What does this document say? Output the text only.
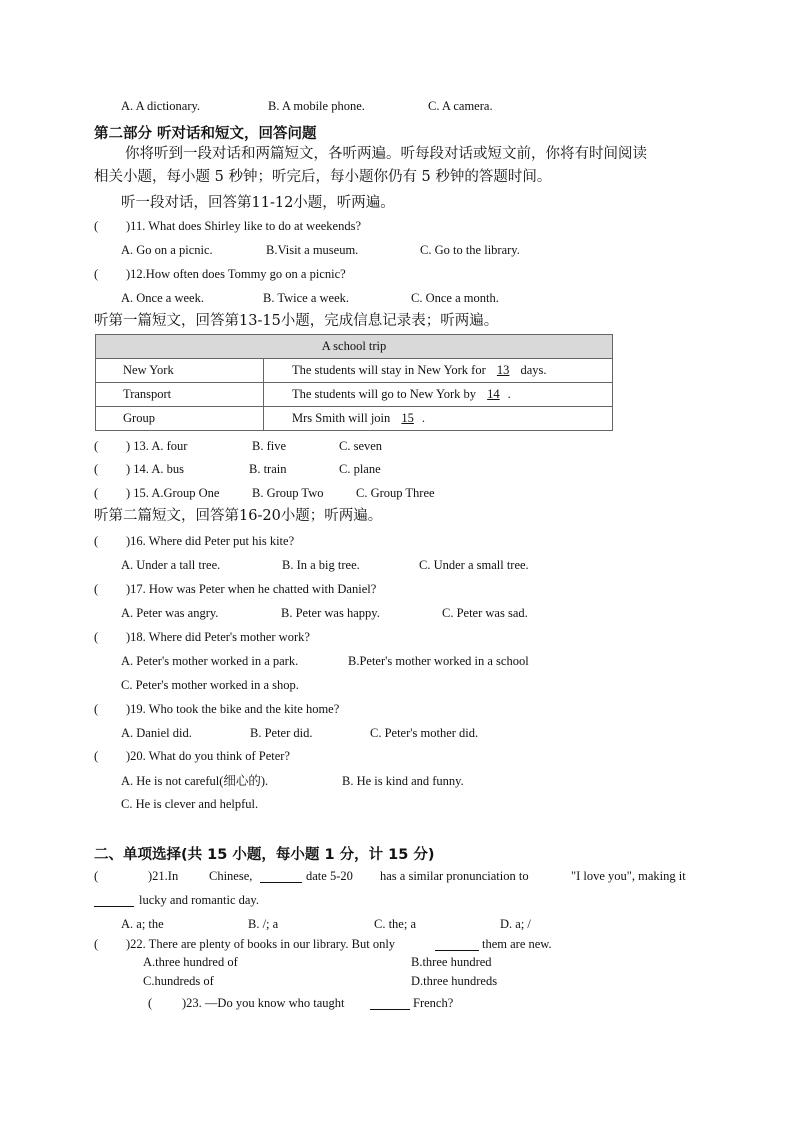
A. A dictionary.	B. A mobile phone.	C. A camera.
第二部分 听对话和短文，回答问题
你将听到一段对话和两篇短文，各听两遍。听每段对话或短文前，你将有时间阅读
相关小题，每小题 5 秒钟；听完后，每小题你仍有 5 秒钟的答题时间。
听一段对话，回答第11-12小题，听两遍。
( )11. What does Shirley like to do at weekends?
A. Go on a picnic.	B.Visit a museum.	C. Go to the library.
( )12.How often does Tommy go on a picnic?
A. Once a week.	B. Twice a week.	C. Once a month.
听第一篇短文，回答第13-15小题，完成信息记录表；听两遍。
A school trip	
New York	The students will stay in New York for 13 days.
Transport	The students will go to New York by 14 .
Group	Mrs Smith will join 15 .
( ) 13. A. four	B. five	C. seven
( ) 14. A. bus	B. train	C. plane
( ) 15. A.Group One	B. Group Two	C. Group Three
听第二篇短文，回答第16-20小题；听两遍。
( )16. Where did Peter put his kite?
A. Under a tall tree.	B. In a big tree.	C. Under a small tree.
( )17. How was Peter when he chatted with Daniel?
A. Peter was angry.	B. Peter was happy.	C. Peter was sad.
( )18. Where did Peter's mother work?
A. Peter's mother worked in a park.	B.Peter's mother worked in a school
C. Peter's mother worked in a shop.
( )19. Who took the bike and the kite home?
A. Daniel did.	B. Peter did.	C. Peter's mother did.
( )20. What do you think of Peter?
A. He is not careful(细心的).	B. He is kind and funny.
C. He is clever and helpful.
二、单项选择(共 15 小题，每小题 1 分，计 15 分)
(	)21.In Chinese,	date 5-20 has a similar pronunciation to	"I love you", making it
lucky and romantic day.
A. a; the	B. /; a	C. the; a	D. a; /
( )22. There are plenty of books in our library. But only	them are new.
A.three hundred of	B.three hundred
C.hundreds of	D.three hundreds
( )23. —Do you know who taught	French?
